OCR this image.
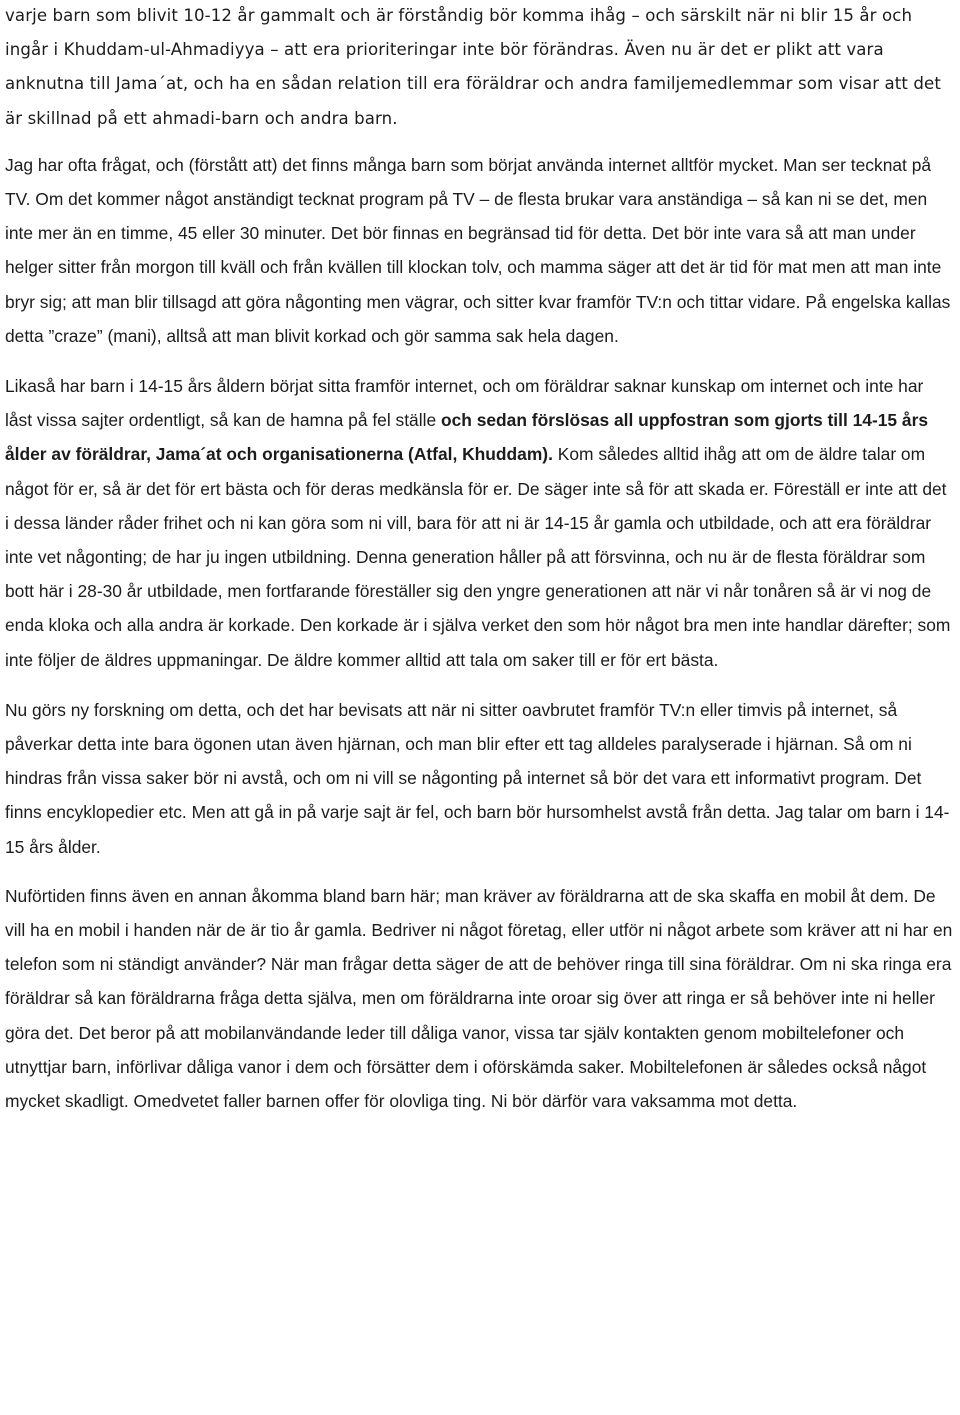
varje barn som blivit 10-12 år gammalt och är förståndig bör komma ihåg – och särskilt när ni blir 15 år och ingår i Khuddam-ul-Ahmadiyya – att era prioriteringar inte bör förändras. Även nu är det er plikt att vara anknutna till Jama´at, och ha en sådan relation till era föräldrar och andra familjemedlemmar som visar att det är skillnad på ett ahmadi-barn och andra barn.

Jag har ofta frågat, och (förstått att) det finns många barn som börjat använda internet alltför mycket. Man ser tecknat på TV. Om det kommer något anständigt tecknat program på TV – de flesta brukar vara anständiga – så kan ni se det, men inte mer än en timme, 45 eller 30 minuter. Det bör finnas en begränsad tid för detta. Det bör inte vara så att man under helger sitter från morgon till kväll och från kvällen till klockan tolv, och mamma säger att det är tid för mat men att man inte bryr sig; att man blir tillsagd att göra någonting men vägrar, och sitter kvar framför TV:n och tittar vidare. På engelska kallas detta ”craze” (mani), alltså att man blivit korkad och gör samma sak hela dagen.

Likaså har barn i 14-15 års åldern börjat sitta framför internet, och om föräldrar saknar kunskap om internet och inte har låst vissa sajter ordentligt, så kan de hamna på fel ställe och sedan förslösas all uppfostran som gjorts till 14-15 års ålder av föräldrar, Jama´at och organisationerna (Atfal, Khuddam). Kom således alltid ihåg att om de äldre talar om något för er, så är det för ert bästa och för deras medkänsla för er. De säger inte så för att skada er. Föreställ er inte att det i dessa länder råder frihet och ni kan göra som ni vill, bara för att ni är 14-15 år gamla och utbildade, och att era föräldrar inte vet någonting; de har ju ingen utbildning. Denna generation håller på att försvinna, och nu är de flesta föräldrar som bott här i 28-30 år utbildade, men fortfarande föreställer sig den yngre generationen att när vi når tonåren så är vi nog de enda kloka och alla andra är korkade. Den korkade är i själva verket den som hör något bra men inte handlar därefter; som inte följer de äldres uppmaningar. De äldre kommer alltid att tala om saker till er för ert bästa.

Nu görs ny forskning om detta, och det har bevisats att när ni sitter oavbrutet framför TV:n eller timvis på internet, så påverkar detta inte bara ögonen utan även hjärnan, och man blir efter ett tag alldeles paralyserade i hjärnan. Så om ni hindras från vissa saker bör ni avstå, och om ni vill se någonting på internet så bör det vara ett informativt program. Det finns encyklopedier etc. Men att gå in på varje sajt är fel, och barn bör hursomhelst avstå från detta. Jag talar om barn i 14-15 års ålder.

Nuförtiden finns även en annan åkomma bland barn här; man kräver av föräldrarna att de ska skaffa en mobil åt dem. De vill ha en mobil i handen när de är tio år gamla. Bedriver ni något företag, eller utför ni något arbete som kräver att ni har en telefon som ni ständigt använder? När man frågar detta säger de att de behöver ringa till sina föräldrar. Om ni ska ringa era föräldrar så kan föräldrarna fråga detta själva, men om föräldrarna inte oroar sig över att ringa er så behöver inte ni heller göra det. Det beror på att mobilanvändande leder till dåliga vanor, vissa tar själv kontakten genom mobiltelefoner och utnyttjar barn, införlivar dåliga vanor i dem och försätter dem i oförskämda saker. Mobiltelefonen är således också något mycket skadligt. Omedvetet faller barnen offer för olovliga ting. Ni bör därför vara vaksamma mot detta.
